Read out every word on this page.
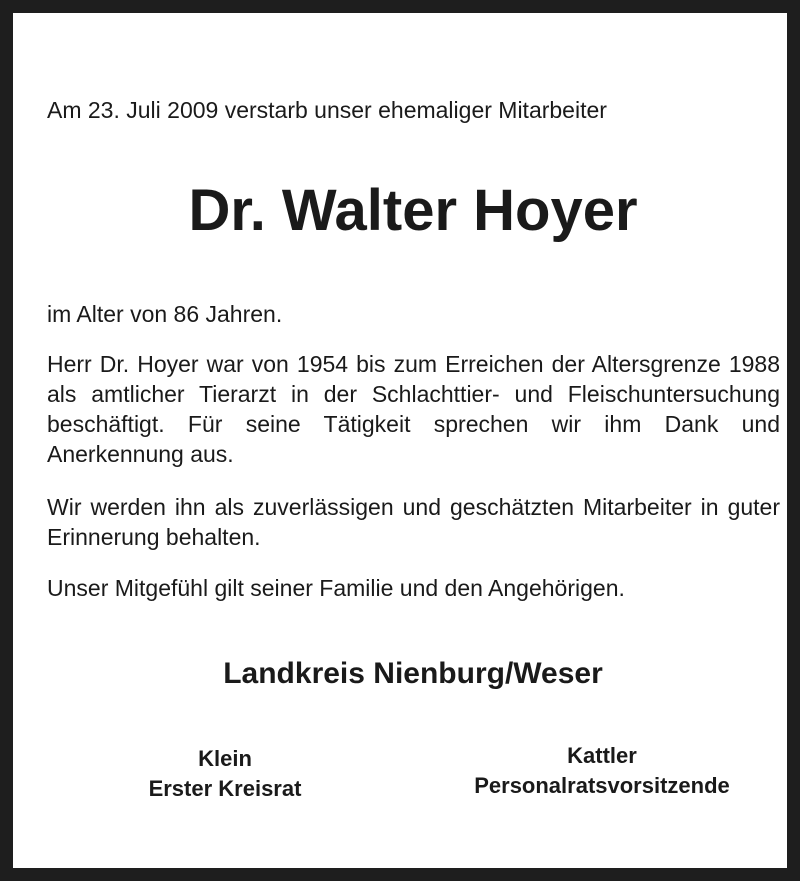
Am 23. Juli 2009 verstarb unser ehemaliger Mitarbeiter
Dr. Walter Hoyer

im Alter von 86 Jahren.

Herr Dr. Hoyer war von 1954 bis zum Erreichen der Altersgrenze 1988 als amtlicher Tierarzt in der Schlachttier- und Fleischuntersuchung beschäftigt. Für seine Tätigkeit sprechen wir ihm Dank und Anerkennung aus.

Wir werden ihn als zuverlässigen und geschätzten Mitarbeiter in guter Erinnerung behalten.

Unser Mitgefühl gilt seiner Familie und den Angehörigen.

Landkreis Nienburg/Weser
Klein
Erster Kreisrat
Kattler
Personalratsvorsitzende
